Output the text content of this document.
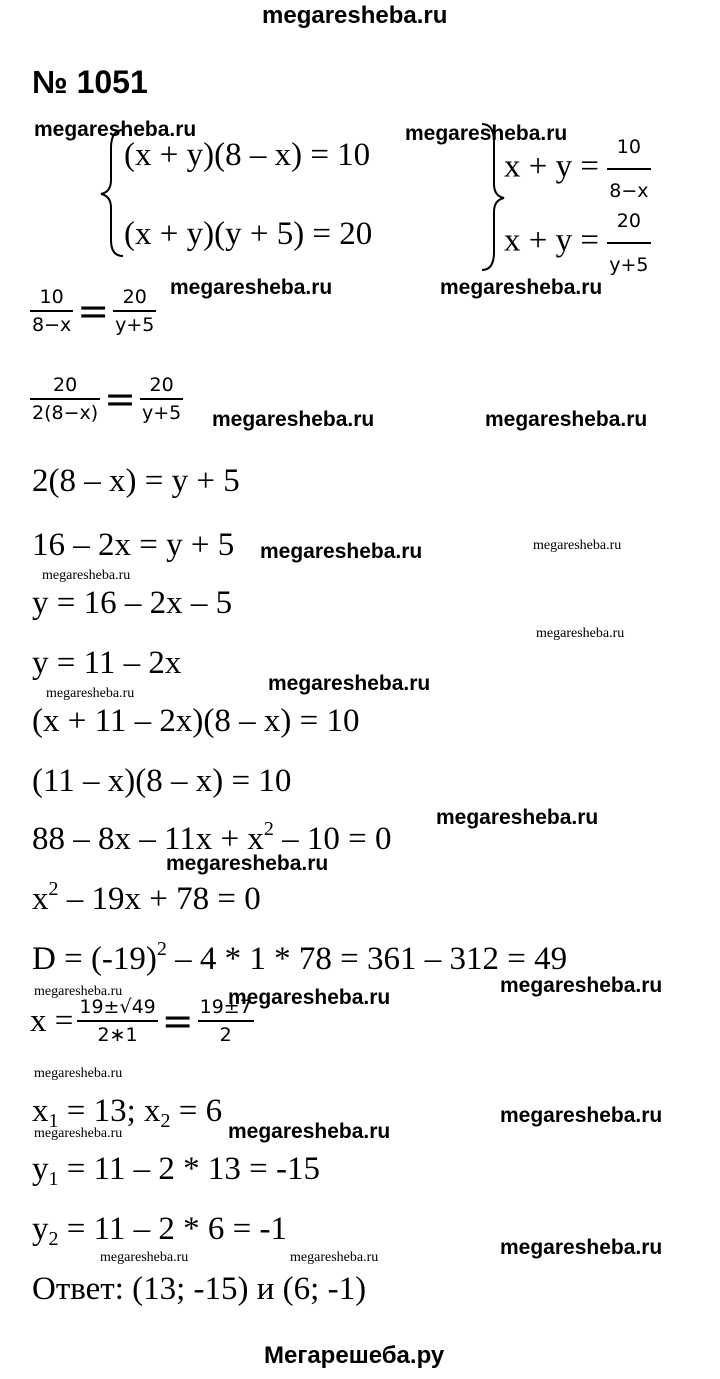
megaresheba.ru
№ 1051
(x + y)(8 – x) = 10
(x + y)(y + 5) = 20
$x + y = \frac{10}{8-x}$
$x + y = \frac{20}{y+5}$
$\frac{10}{8-x} = \frac{20}{y+5}$
$\frac{20}{2(8-x)} = \frac{20}{y+5}$
2(8 – x) = y + 5
16 – 2x = y + 5
y = 16 – 2x – 5
y = 11 – 2x
(x + 11 – 2x)(8 – x) = 10
(11 – x)(8 – x) = 10
$88 - 8x - 11x + x^2 - 10 = 0$
$x^2 - 19x + 78 = 0$
$D = (-19)^2 - 4 * 1 * 78 = 361 - 312 = 49$
$x = \frac{19\pm√49}{2∗1} = \frac{19\pm 7}{2}$
$x_1 = 13$; $x_2 = 6$
$y_1 = 11 - 2 * 13 = -15$
$y_2 = 11 - 2 * 6 = -1$
Ответ: (13; -15) и (6; -1)
megaresheba.ru	megaresheba.ru
megaresheba.ru	megaresheba.ru
megaresheba.ru	megaresheba.ru
megaresheba.ru	megaresheba.ru
megaresheba.ru
megaresheba.ru
megaresheba.ru
megaresheba.ru
megaresheba.ru
megaresheba.ru
megaresheba.ru	megaresheba.ru
megaresheba.ru
megaresheba.ru
megaresheba.ru
megaresheba.ru	megaresheba.ru
megaresheba.ru
megaresheba.ru	megaresheba.ru
Мегарешеба.ру
